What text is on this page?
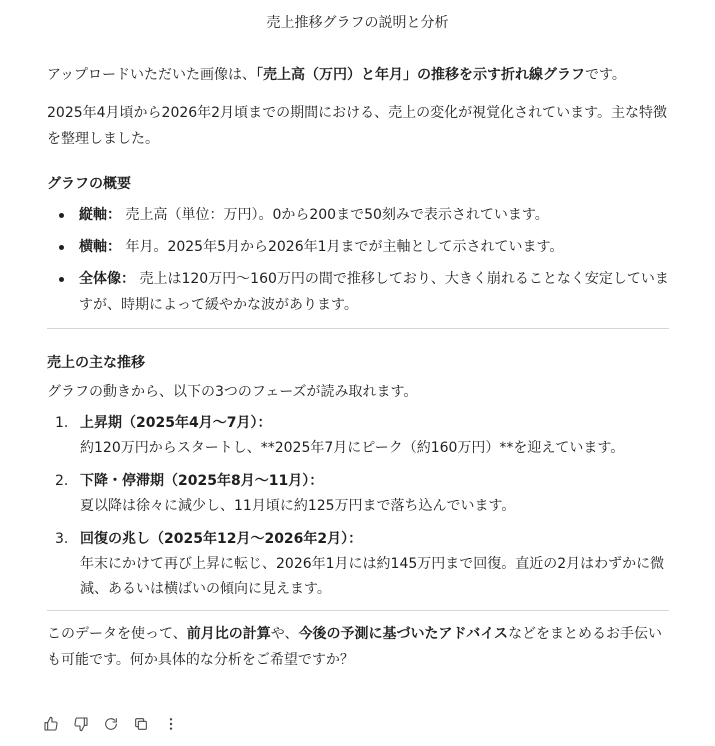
売上推移グラフの説明と分析

アップロードいただいた画像は、「売上高（万円）と年月」の推移を示す折れ線グラフです。

2025年4月頃から2026年2月頃までの期間における、売上の変化が視覚化されています。主な特徴を整理しました。

グラフの概要
縦軸： 売上高（単位：万円）。0から200まで50刻みで表示されています。
横軸： 年月。2025年5月から2026年1月までが主軸として示されています。
全体像： 売上は120万円〜160万円の間で推移しており、大きく崩れることなく安定していますが、時期によって緩やかな波があります。
売上の主な推移

グラフの動きから、以下の3つのフェーズが読み取れます。

1. 上昇期（2025年4月〜7月）：
約120万円からスタートし、**2025年7月にピーク（約160万円）**を迎えています。
2. 下降・停滞期（2025年8月〜11月）：
夏以降は徐々に減少し、11月頃に約125万円まで落ち込んでいます。
3. 回復の兆し（2025年12月〜2026年2月）：
年末にかけて再び上昇に転じ、2026年1月には約145万円まで回復。直近の2月はわずかに微減、あるいは横ばいの傾向に見えます。

このデータを使って、前月比の計算や、今後の予測に基づいたアドバイスなどをまとめるお手伝いも可能です。何か具体的な分析をご希望ですか？
